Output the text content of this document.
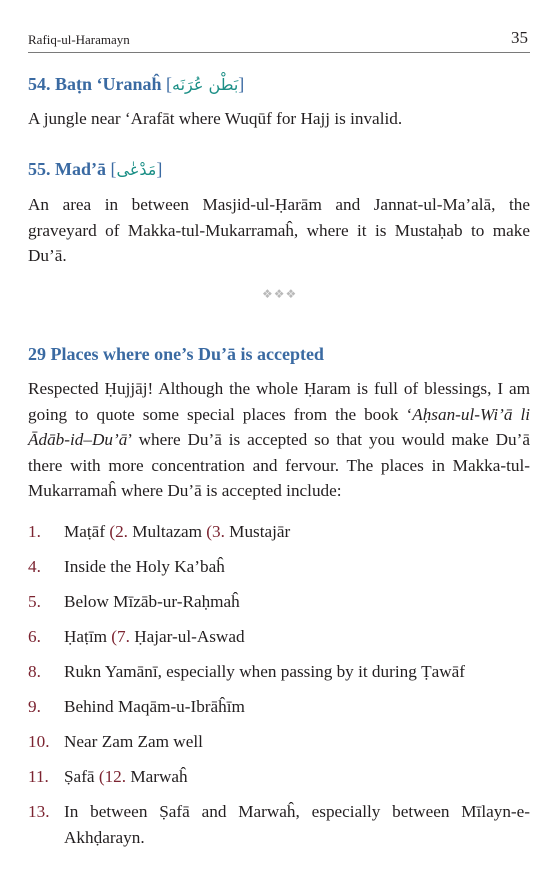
Rafiq-ul-Haramayn	35
54. Baṭn ‘Uranaĥ [بَطْن عُرَنَه]
A jungle near ‘Arafāt where Wuqūf for Hajj is invalid.
55. Mad’ā [مَدْعٰی]
An area in between Masjid-ul-Ḥarām and Jannat-ul-Ma’alā, the graveyard of Makka-tul-Mukarramaĥ, where it is Mustaḥab to make Du’ā.
❖❖❖
29 Places where one’s Du’ā is accepted
Respected Ḥujjāj! Although the whole Ḥaram is full of blessings, I am going to quote some special places from the book ‘Aḥsan-ul-Wi’ā li Ādāb-id–Du’ā’ where Du’ā is accepted so that you would make Du’ā there with more concentration and fervour. The places in Makka-tul-Mukarramaĥ where Du’ā is accepted include:
1. Maṭāf (2. Multazam (3. Mustajār
4. Inside the Holy Ka’baĥ
5. Below Mīzāb-ur-Raḥmaĥ
6. Ḥaṭīm (7. Ḥajar-ul-Aswad
8. Rukn Yamānī, especially when passing by it during Ṭawāf
9. Behind Maqām-u-Ibrāĥīm
10. Near Zam Zam well
11. Ṣafā (12. Marwaĥ
13. In between Ṣafā and Marwaĥ, especially between Mīlayn-e-Akhḍarayn.
